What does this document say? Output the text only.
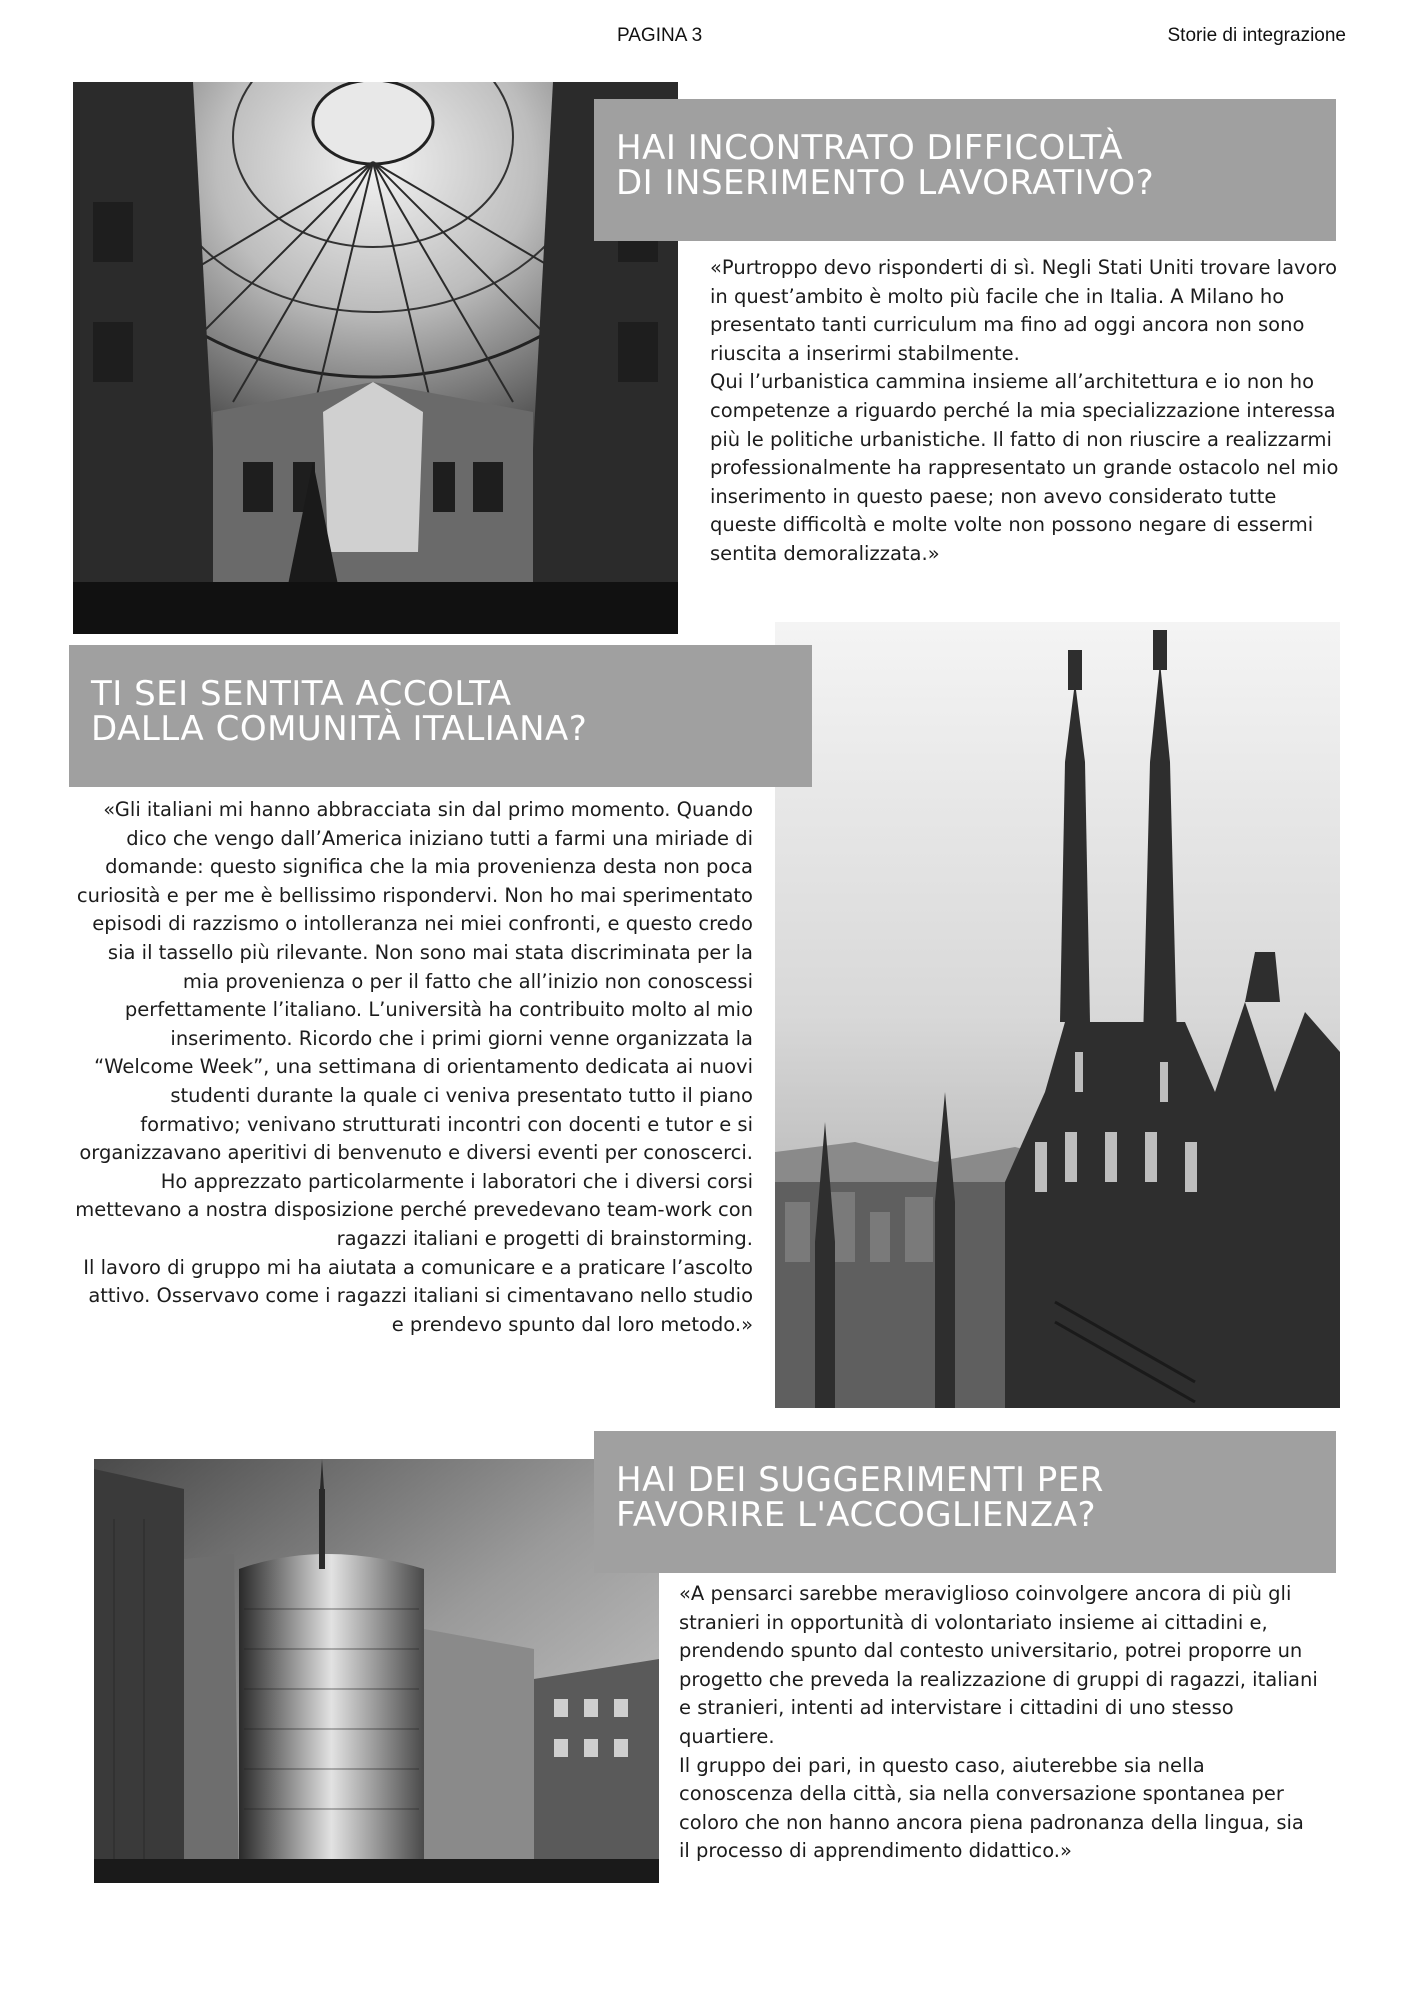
PAGINA 3	Storie di integrazione
HAI INCONTRATO DIFFICOLTÀ
DI INSERIMENTO LAVORATIVO?

«Purtroppo devo risponderti di sì. Negli Stati Uniti trovare lavoro in quest’ambito è molto più facile che in Italia. A Milano ho presentato tanti curriculum ma fino ad oggi ancora non sono riuscita a inserirmi stabilmente.

Qui l’urbanistica cammina insieme all’architettura e io non ho competenze a riguardo perché la mia specializzazione interessa più le politiche urbanistiche. Il fatto di non riuscire a realizzarmi professionalmente ha rappresentato un grande ostacolo nel mio inserimento in questo paese; non avevo considerato tutte queste difficoltà e molte volte non possono negare di essermi sentita demoralizzata.»

TI SEI SENTITA ACCOLTA
DALLA COMUNITÀ ITALIANA?

«Gli italiani mi hanno abbracciata sin dal primo momento. Quando dico che vengo dall’America iniziano tutti a farmi una miriade di domande: questo significa che la mia provenienza desta non poca curiosità e per me è bellissimo rispondervi. Non ho mai sperimentato episodi di razzismo o intolleranza nei miei confronti, e questo credo sia il tassello più rilevante. Non sono mai stata discriminata per la mia provenienza o per il fatto che all’inizio non conoscessi perfettamente l’italiano. L’università ha contribuito molto al mio inserimento. Ricordo che i primi giorni venne organizzata la “Welcome Week”, una settimana di orientamento dedicata ai nuovi studenti durante la quale ci veniva presentato tutto il piano formativo; venivano strutturati incontri con docenti e tutor e si organizzavano aperitivi di benvenuto e diversi eventi per conoscerci. Ho apprezzato particolarmente i laboratori che i diversi corsi mettevano a nostra disposizione perché prevedevano team-work con ragazzi italiani e progetti di brainstorming.

Il lavoro di gruppo mi ha aiutata a comunicare e a praticare l’ascolto attivo. Osservavo come i ragazzi italiani si cimentavano nello studio e prendevo spunto dal loro metodo.»

HAI DEI SUGGERIMENTI PER
FAVORIRE L'ACCOGLIENZA?

«A pensarci sarebbe meraviglioso coinvolgere ancora di più gli stranieri in opportunità di volontariato insieme ai cittadini e, prendendo spunto dal contesto universitario, potrei proporre un progetto che preveda la realizzazione di gruppi di ragazzi, italiani e stranieri, intenti ad intervistare i cittadini di uno stesso quartiere.

Il gruppo dei pari, in questo caso, aiuterebbe sia nella conoscenza della città, sia nella conversazione spontanea per coloro che non hanno ancora piena padronanza della lingua, sia il processo di apprendimento didattico.»
